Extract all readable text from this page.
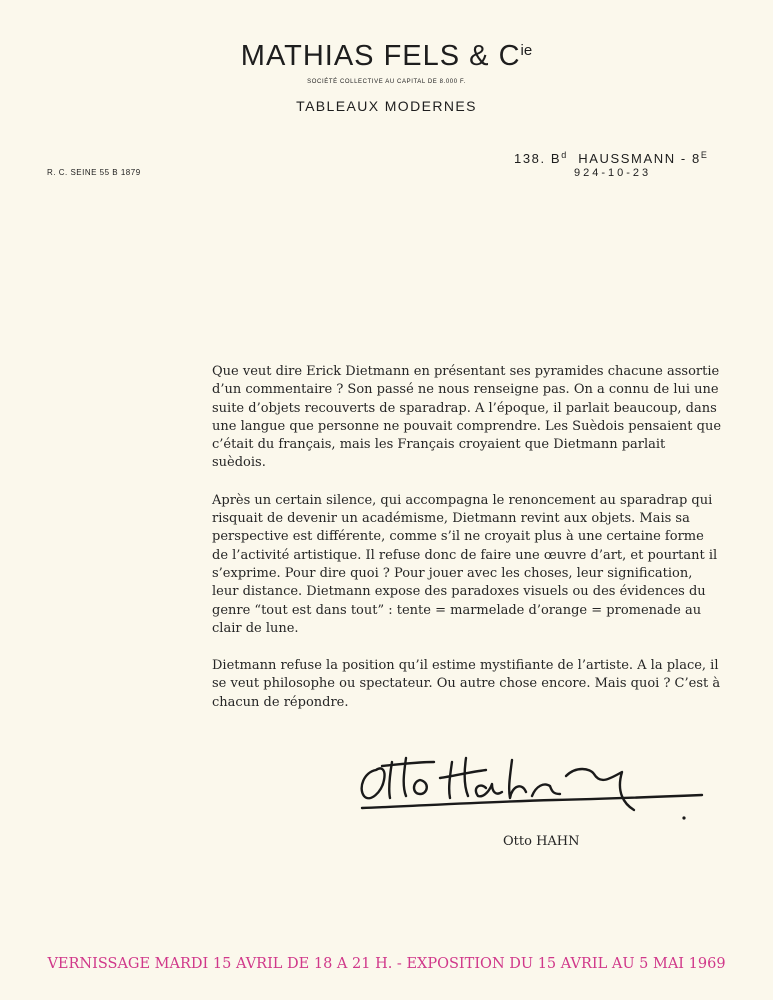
MATHIAS FELS & $C^{ie}$
SOCIÉTÉ COLLECTIVE AU CAPITAL DE 8.000 F.
TABLEAUX MODERNES
138. $B^d$ HAUSSMANN - $8^E$
924-10-23
R. C. SEINE 55 B 1879

Que veut dire Erick Dietmann en présentant ses pyramides chacune assortie d’un commentaire ? Son passé ne nous renseigne pas. On a connu de lui une suite d’objets recouverts de sparadrap. A l’époque, il parlait beaucoup, dans une langue que personne ne pouvait comprendre. Les Suèdois pensaient que c’était du français, mais les Français croyaient que Dietmann parlait suèdois.

Après un certain silence, qui accompagna le renoncement au sparadrap qui risquait de devenir un académisme, Dietmann revint aux objets. Mais sa perspective est différente, comme s’il ne croyait plus à une certaine forme de l’activité artistique. Il refuse donc de faire une œuvre d’art, et pourtant il s’exprime. Pour dire quoi ? Pour jouer avec les choses, leur signification, leur distance. Dietmann expose des paradoxes visuels ou des évidences du genre “tout est dans tout” : tente = marmelade d’orange = promenade au clair de lune.

Dietmann refuse la position qu’il estime mystifiante de l’artiste. A la place, il se veut philosophe ou spectateur. Ou autre chose encore. Mais quoi ? C’est à chacun de répondre.

Otto HAHN
VERNISSAGE MARDI 15 AVRIL DE 18 A 21 H. - EXPOSITION DU 15 AVRIL AU 5 MAI 1969
